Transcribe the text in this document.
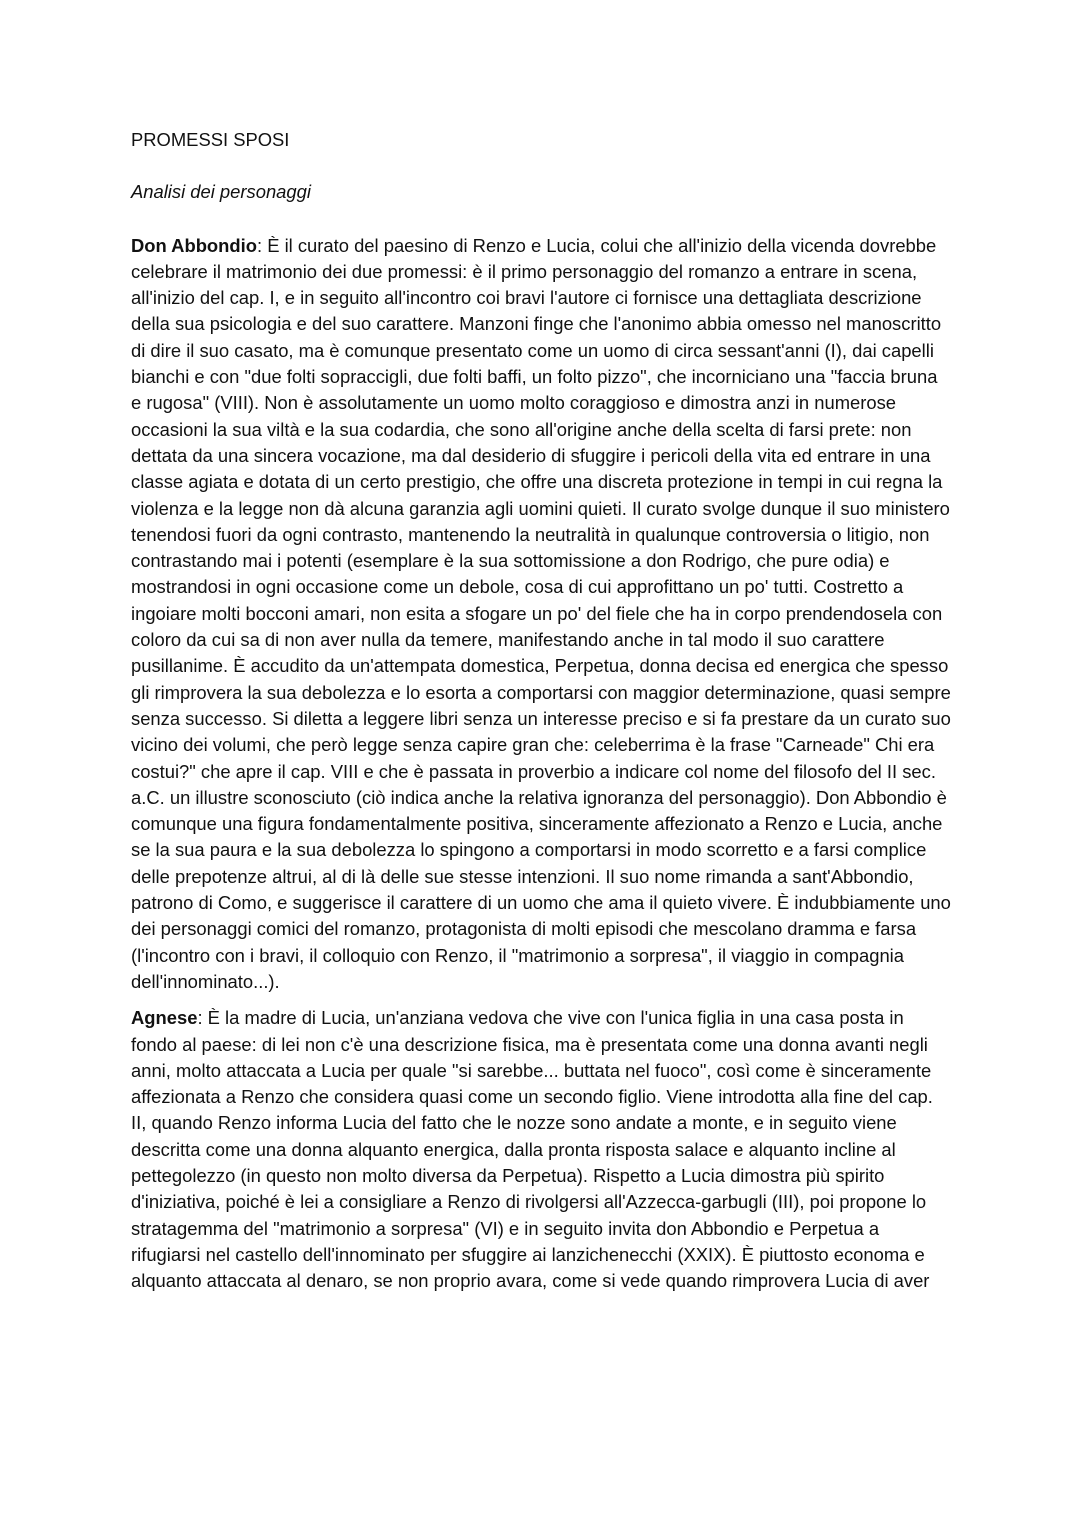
PROMESSI SPOSI

Analisi dei personaggi

Don Abbondio: È il curato del paesino di Renzo e Lucia, colui che all'inizio della vicenda dovrebbe celebrare il matrimonio dei due promessi: è il primo personaggio del romanzo a entrare in scena, all'inizio del cap. I, e in seguito all'incontro coi bravi l'autore ci fornisce una dettagliata descrizione della sua psicologia e del suo carattere. Manzoni finge che l'anonimo abbia omesso nel manoscritto di dire il suo casato, ma è comunque presentato come un uomo di circa sessant'anni (I), dai capelli bianchi e con "due folti sopraccigli, due folti baffi, un folto pizzo", che incorniciano una "faccia bruna e rugosa" (VIII). Non è assolutamente un uomo molto coraggioso e dimostra anzi in numerose occasioni la sua viltà e la sua codardia, che sono all'origine anche della scelta di farsi prete: non dettata da una sincera vocazione, ma dal desiderio di sfuggire i pericoli della vita ed entrare in una classe agiata e dotata di un certo prestigio, che offre una discreta protezione in tempi in cui regna la violenza e la legge non dà alcuna garanzia agli uomini quieti. Il curato svolge dunque il suo ministero tenendosi fuori da ogni contrasto, mantenendo la neutralità in qualunque controversia o litigio, non contrastando mai i potenti (esemplare è la sua sottomissione a don Rodrigo, che pure odia) e mostrandosi in ogni occasione come un debole, cosa di cui approfittano un po' tutti. Costretto a ingoiare molti bocconi amari, non esita a sfogare un po' del fiele che ha in corpo prendendosela con coloro da cui sa di non aver nulla da temere, manifestando anche in tal modo il suo carattere pusillanime. È accudito da un'attempata domestica, Perpetua, donna decisa ed energica che spesso gli rimprovera la sua debolezza e lo esorta a comportarsi con maggior determinazione, quasi sempre senza successo. Si diletta a leggere libri senza un interesse preciso e si fa prestare da un curato suo vicino dei volumi, che però legge senza capire gran che: celeberrima è la frase "Carneade" Chi era costui?" che apre il cap. VIII e che è passata in proverbio a indicare col nome del filosofo del II sec. a.C. un illustre sconosciuto (ciò indica anche la relativa ignoranza del personaggio). Don Abbondio è comunque una figura fondamentalmente positiva, sinceramente affezionato a Renzo e Lucia, anche se la sua paura e la sua debolezza lo spingono a comportarsi in modo scorretto e a farsi complice delle prepotenze altrui, al di là delle sue stesse intenzioni. Il suo nome rimanda a sant'Abbondio, patrono di Como, e suggerisce il carattere di un uomo che ama il quieto vivere. È indubbiamente uno dei personaggi comici del romanzo, protagonista di molti episodi che mescolano dramma e farsa (l'incontro con i bravi, il colloquio con Renzo, il "matrimonio a sorpresa", il viaggio in compagnia dell'innominato...).

Agnese: È la madre di Lucia, un'anziana vedova che vive con l'unica figlia in una casa posta in fondo al paese: di lei non c'è una descrizione fisica, ma è presentata come una donna avanti negli anni, molto attaccata a Lucia per quale "si sarebbe... buttata nel fuoco", così come è sinceramente affezionata a Renzo che considera quasi come un secondo figlio. Viene introdotta alla fine del cap. II, quando Renzo informa Lucia del fatto che le nozze sono andate a monte, e in seguito viene descritta come una donna alquanto energica, dalla pronta risposta salace e alquanto incline al pettegolezzo (in questo non molto diversa da Perpetua). Rispetto a Lucia dimostra più spirito d'iniziativa, poiché è lei a consigliare a Renzo di rivolgersi all'Azzecca-garbugli (III), poi propone lo stratagemma del "matrimonio a sorpresa" (VI) e in seguito invita don Abbondio e Perpetua a rifugiarsi nel castello dell'innominato per sfuggire ai lanzichenecchi (XXIX). È piuttosto economa e alquanto attaccata al denaro, se non proprio avara, come si vede quando rimprovera Lucia di aver
